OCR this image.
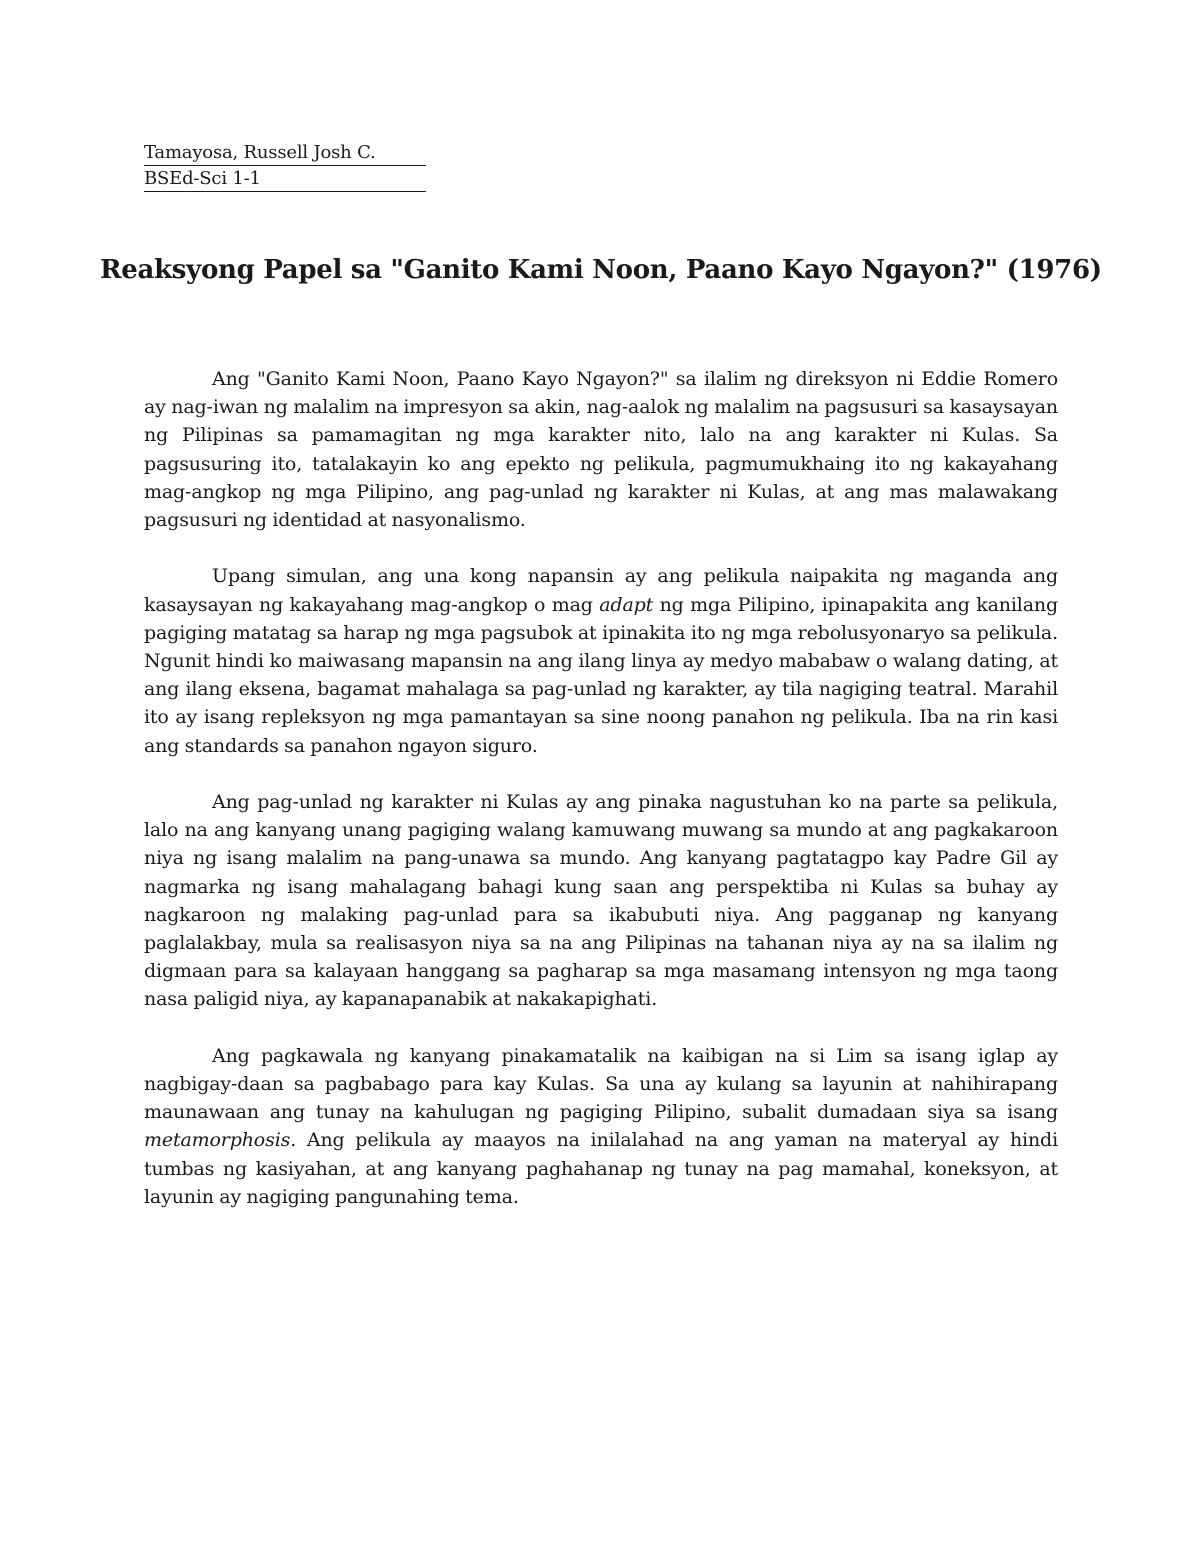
Tamayosa, Russell Josh C.
BSEd-Sci 1-1
Reaksyong Papel sa "Ganito Kami Noon, Paano Kayo Ngayon?" (1976)

Ang "Ganito Kami Noon, Paano Kayo Ngayon?" sa ilalim ng direksyon ni Eddie Romero ay nag-iwan ng malalim na impresyon sa akin, nag-aalok ng malalim na pagsusuri sa kasaysayan ng Pilipinas sa pamamagitan ng mga karakter nito, lalo na ang karakter ni Kulas. Sa pagsusuring ito, tatalakayin ko ang epekto ng pelikula, pagmumukhaing ito ng kakayahang mag-angkop ng mga Pilipino, ang pag-unlad ng karakter ni Kulas, at ang mas malawakang pagsusuri ng identidad at nasyonalismo.

Upang simulan, ang una kong napansin ay ang pelikula naipakita ng maganda ang kasaysayan ng kakayahang mag-angkop o mag adapt ng mga Pilipino, ipinapakita ang kanilang pagiging matatag sa harap ng mga pagsubok at ipinakita ito ng mga rebolusyonaryo sa pelikula. Ngunit hindi ko maiwasang mapansin na ang ilang linya ay medyo mababaw o walang dating, at ang ilang eksena, bagamat mahalaga sa pag-unlad ng karakter, ay tila nagiging teatral. Marahil ito ay isang repleksyon ng mga pamantayan sa sine noong panahon ng pelikula. Iba na rin kasi ang standards sa panahon ngayon siguro.

Ang pag-unlad ng karakter ni Kulas ay ang pinaka nagustuhan ko na parte sa pelikula, lalo na ang kanyang unang pagiging walang kamuwang muwang sa mundo at ang pagkakaroon niya ng isang malalim na pang-unawa sa mundo. Ang kanyang pagtatagpo kay Padre Gil ay nagmarka ng isang mahalagang bahagi kung saan ang perspektiba ni Kulas sa buhay ay nagkaroon ng malaking pag-unlad para sa ikabubuti niya. Ang pagganap ng kanyang paglalakbay, mula sa realisasyon niya sa na ang Pilipinas na tahanan niya ay na sa ilalim ng digmaan para sa kalayaan hanggang sa pagharap sa mga masamang intensyon ng mga taong nasa paligid niya, ay kapanapanabik at nakakapighati.

Ang pagkawala ng kanyang pinakamatalik na kaibigan na si Lim sa isang iglap ay nagbigay-daan sa pagbabago para kay Kulas. Sa una ay kulang sa layunin at nahihirapang maunawaan ang tunay na kahulugan ng pagiging Pilipino, subalit dumadaan siya sa isang metamorphosis. Ang pelikula ay maayos na inilalahad na ang yaman na materyal ay hindi tumbas ng kasiyahan, at ang kanyang paghahanap ng tunay na pag mamahal, koneksyon, at layunin ay nagiging pangunahing tema.
